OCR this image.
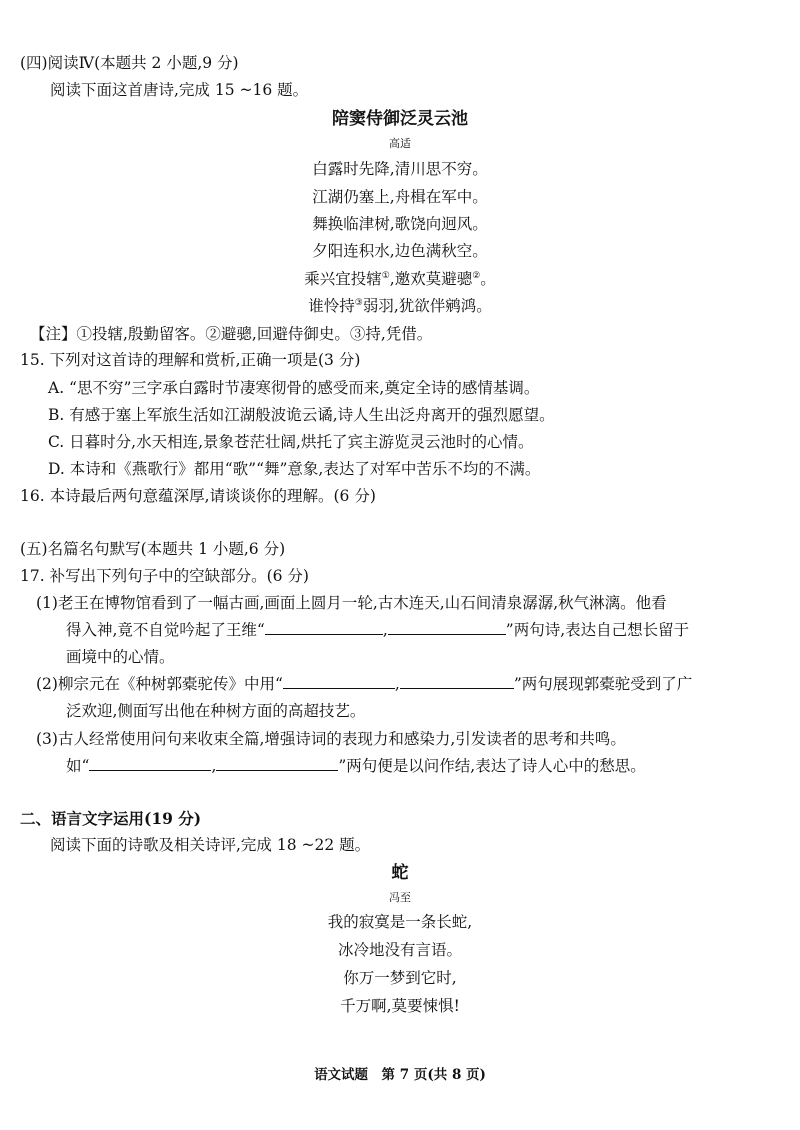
(四)阅读Ⅳ(本题共 2 小题,9 分)
阅读下面这首唐诗,完成 15 ~16 题。
陪窦侍御泛灵云池
高适
白露时先降,清川思不穷。
江湖仍塞上,舟楫在军中。
舞换临津树,歌饶向迥风。
夕阳连积水,边色满秋空。
乘兴宜投辖①,邀欢莫避骢②。
谁怜持③弱羽,犹欲伴鹓鸿。
【注】①投辖,殷勤留客。②避骢,回避侍御史。③持,凭借。
15. 下列对这首诗的理解和赏析,正确一项是(3 分)
A. “思不穷”三字承白露时节凄寒彻骨的感受而来,奠定全诗的感情基调。
B. 有感于塞上军旅生活如江湖般波诡云谲,诗人生出泛舟离开的强烈愿望。
C. 日暮时分,水天相连,景象苍茫壮阔,烘托了宾主游览灵云池时的心情。
D. 本诗和《燕歌行》都用“歌”“舞”意象,表达了对军中苦乐不均的不满。
16. 本诗最后两句意蕴深厚,请谈谈你的理解。(6 分)
(五)名篇名句默写(本题共 1 小题,6 分)
17. 补写出下列句子中的空缺部分。(6 分)
(1)老王在博物馆看到了一幅古画,画面上圆月一轮,古木连天,山石间清泉潺潺,秋气淋漓。他看
得入神,竟不自觉吟起了王维“	,	”两句诗,表达自己想长留于
画境中的心情。
(2)柳宗元在《种树郭橐驼传》中用“	,	”两句展现郭橐驼受到了广
泛欢迎,侧面写出他在种树方面的高超技艺。
(3)古人经常使用问句来收束全篇,增强诗词的表现力和感染力,引发读者的思考和共鸣。
如“	,	”两句便是以问作结,表达了诗人心中的愁思。
二、语言文字运用(19 分)
阅读下面的诗歌及相关诗评,完成 18 ~22 题。
蛇
冯至
我的寂寞是一条长蛇,
冰冷地没有言语。
你万一梦到它时,
千万啊,莫要悚惧!
语文试题　第 7 页(共 8 页)
